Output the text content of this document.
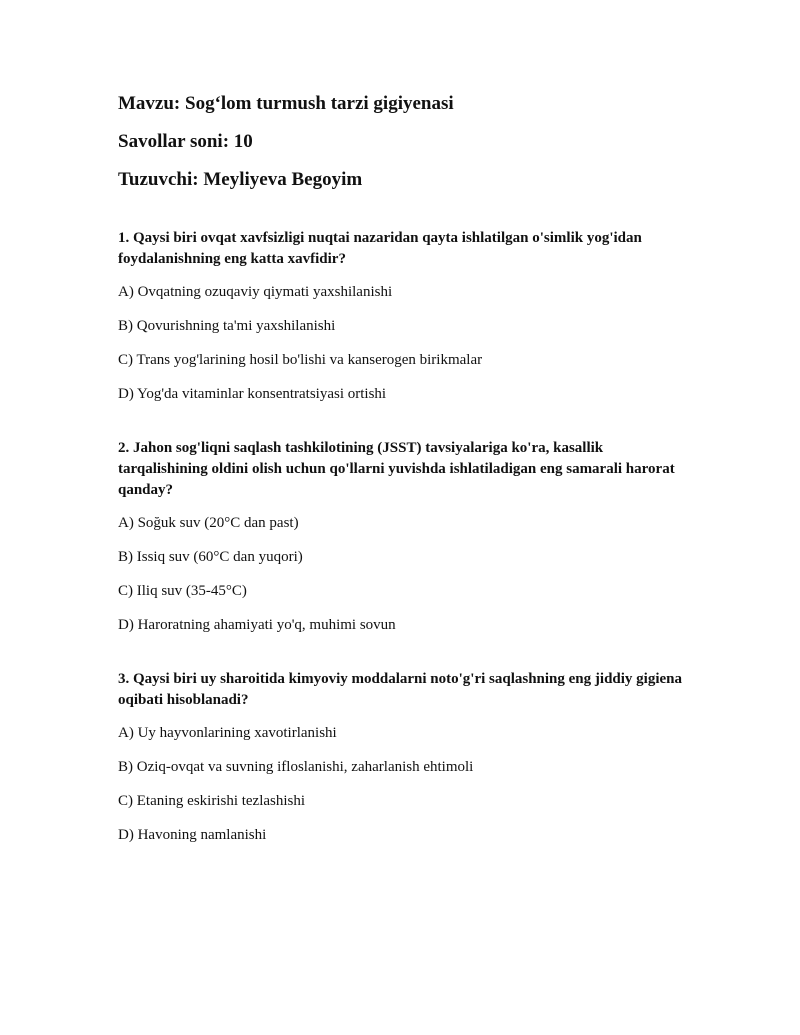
Mavzu: Sog‘lom turmush tarzi gigiyenasi
Savollar soni: 10
Tuzuvchi: Meyliyeva Begoyim
1. Qaysi biri ovqat xavfsizligi nuqtai nazaridan qayta ishlatilgan o'simlik yog'idan foydalanishning eng katta xavfidir?
A) Ovqatning ozuqaviy qiymati yaxshilanishi
B) Qovurishning ta'mi yaxshilanishi
C) Trans yog'larining hosil bo'lishi va kanserogen birikmalar
D) Yog'da vitaminlar konsentratsiyasi ortishi
2. Jahon sog'liqni saqlash tashkilotining (JSST) tavsiyalariga ko'ra, kasallik tarqalishining oldini olish uchun qo'llarni yuvishda ishlatiladigan eng samarali harorat qanday?
A) Soğuk suv (20°C dan past)
B) Issiq suv (60°C dan yuqori)
C) Iliq suv (35-45°C)
D) Haroratning ahamiyati yo'q, muhimi sovun
3. Qaysi biri uy sharoitida kimyoviy moddalarni noto'g'ri saqlashning eng jiddiy gigiena oqibati hisoblanadi?
A) Uy hayvonlarining xavotirlanishi
B) Oziq-ovqat va suvning ifloslanishi, zaharlanish ehtimoli
C) Etaning eskirishi tezlashishi
D) Havoning namlanishi
